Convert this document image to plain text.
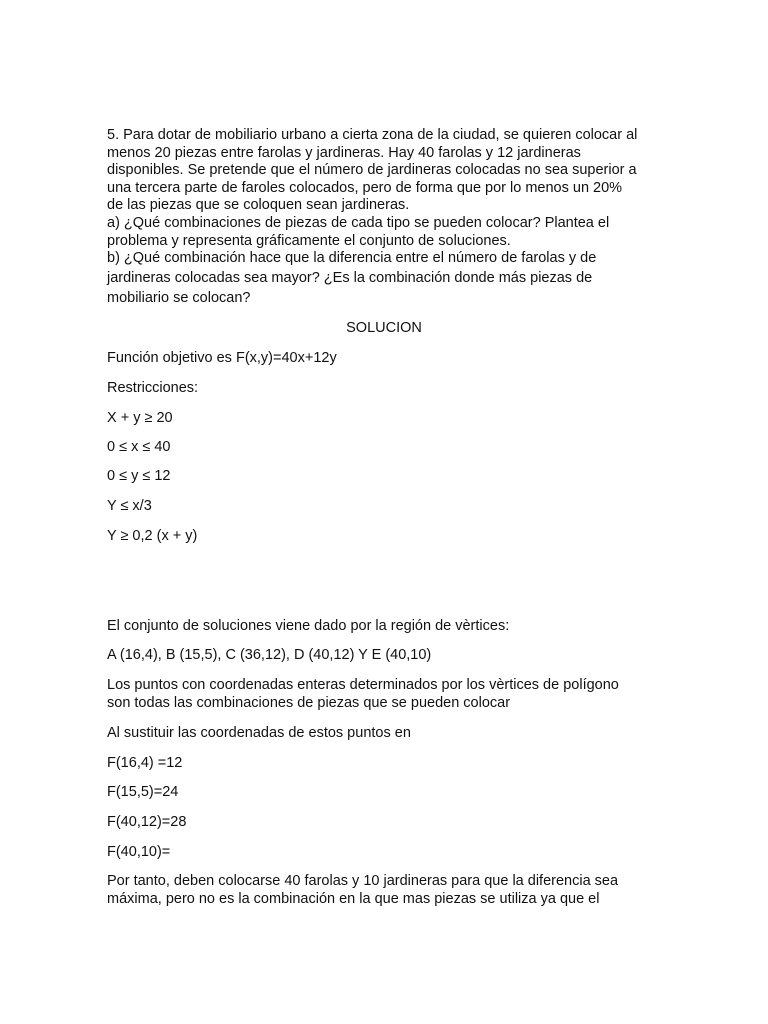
5. Para dotar de mobiliario urbano a cierta zona de la ciudad, se quieren colocar al
menos 20 piezas entre farolas y jardineras. Hay 40 farolas y 12 jardineras
disponibles. Se pretende que el número de jardineras colocadas no sea superior a
una tercera parte de faroles colocados, pero de forma que por lo menos un 20%
de las piezas que se coloquen sean jardineras.
a) ¿Qué combinaciones de piezas de cada tipo se pueden colocar? Plantea el
problema y representa gráficamente el conjunto de soluciones.
b) ¿Qué combinación hace que la diferencia entre el número de farolas y de
jardineras colocadas sea mayor? ¿Es la combinación donde más piezas de
mobiliario se colocan?
SOLUCION
Función objetivo es F(x,y)=40x+12y
Restricciones:
X + y ≥ 20
0 ≤ x ≤ 40
0 ≤ y ≤ 12
Y ≤ x/3
Y ≥ 0,2 (x + y)
El conjunto de soluciones viene dado por la región de vèrtices:
A (16,4), B (15,5), C (36,12), D (40,12) Y E (40,10)
Los puntos con coordenadas enteras determinados por los vèrtices de polígono
son todas las combinaciones de piezas que se pueden colocar
Al sustituir las coordenadas de estos puntos en
F(16,4) =12
F(15,5)=24
F(40,12)=28
F(40,10)=
Por tanto, deben colocarse 40 farolas y 10 jardineras para que la diferencia sea
máxima, pero no es la combinación en la que mas piezas se utiliza ya que el
